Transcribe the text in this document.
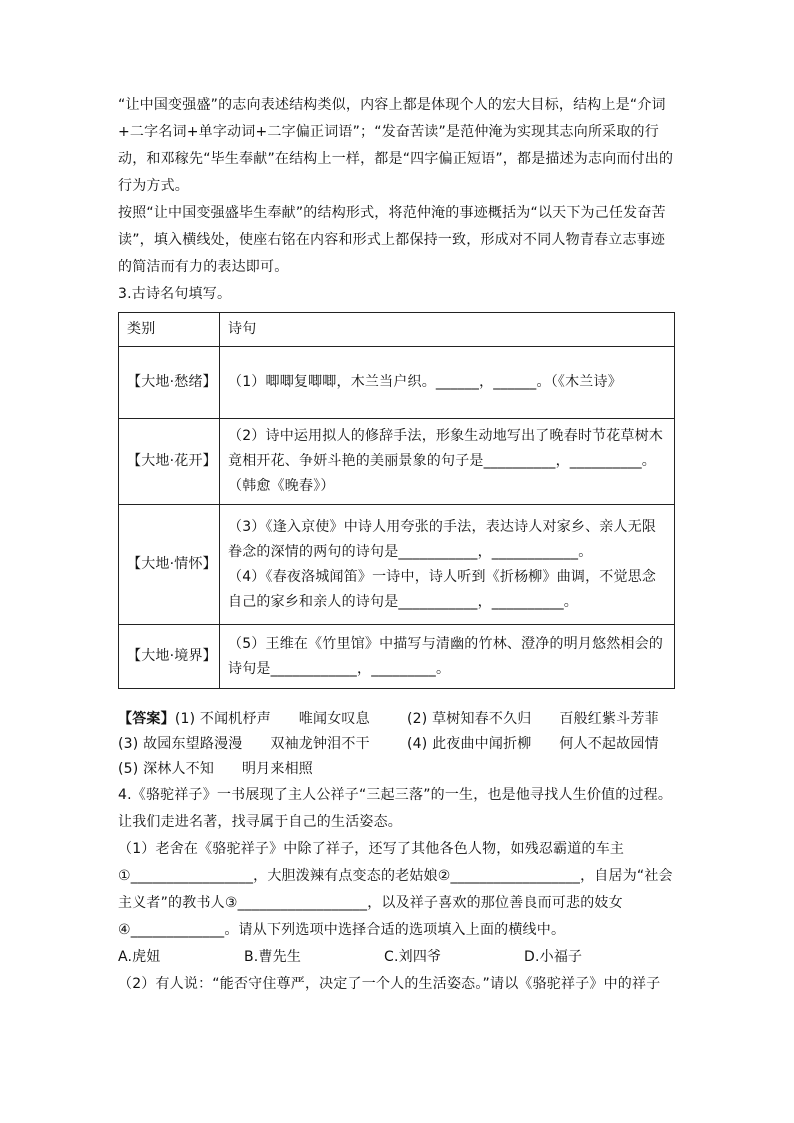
“让中国变强盛”的志向表述结构类似，内容上都是体现个人的宏大目标，结构上是“介词+二字名词+单字动词+二字偏正词语”；“发奋苦读”是范仲淹为实现其志向所采取的行动，和邓稼先“毕生奉献”在结构上一样，都是“四字偏正短语”，都是描述为志向而付出的行为方式。

按照“让中国变强盛毕生奉献”的结构形式，将范仲淹的事迹概括为“以天下为己任发奋苦读”，填入横线处，使座右铭在内容和形式上都保持一致，形成对不同人物青春立志事迹的简洁而有力的表达即可。

3.古诗名句填写。

类别	诗句
【大地·愁绪】	（1）唧唧复唧唧，木兰当户织。______，______。（《木兰诗》
【大地·花开】	（2）诗中运用拟人的修辞手法，形象生动地写出了晚春时节花草树木竟相开花、争妍斗艳的美丽景象的句子是__________，__________。（韩愈《晚春》）
【大地·情怀】	（3）《逢入京使》中诗人用夸张的手法，表达诗人对家乡、亲人无限眷念的深情的两句的诗句是___________，____________。
（4）《春夜洛城闻笛》一诗中，诗人听到《折杨柳》曲调，不觉思念自己的家乡和亲人的诗句是___________，__________。

【大地·境界】	（5）王维在《竹里馆》中描写与清幽的竹林、澄净的明月悠然相会的诗句是____________，_________。

【答案】(1) 不闻机杼声      唯闻女叹息        (2) 草树知春不久归      百般红紫斗芳菲

(3) 故园东望路漫漫      双袖龙钟泪不干        (4) 此夜曲中闻折柳      何人不起故园情

(5) 深林人不知      明月来相照

4.《骆驼祥子》一书展现了主人公祥子“三起三落”的一生，也是他寻找人生价值的过程。让我们走进名著，找寻属于自己的生活姿态。

（1）老舍在《骆驼祥子》中除了祥子，还写了其他各色人物，如残忍霸道的车主①_________________，大胆泼辣有点变态的老姑娘②__________________，自居为“社会主义者”的教书人③__________________，以及祥子喜欢的那位善良而可悲的妓女④_____________。请从下列选项中选择合适的选项填入上面的横线中。

A.虎妞	B.曹先生	C.刘四爷	D.小福子

（2）有人说：“能否守住尊严，决定了一个人的生活姿态。”请以《骆驼祥子》中的祥子
